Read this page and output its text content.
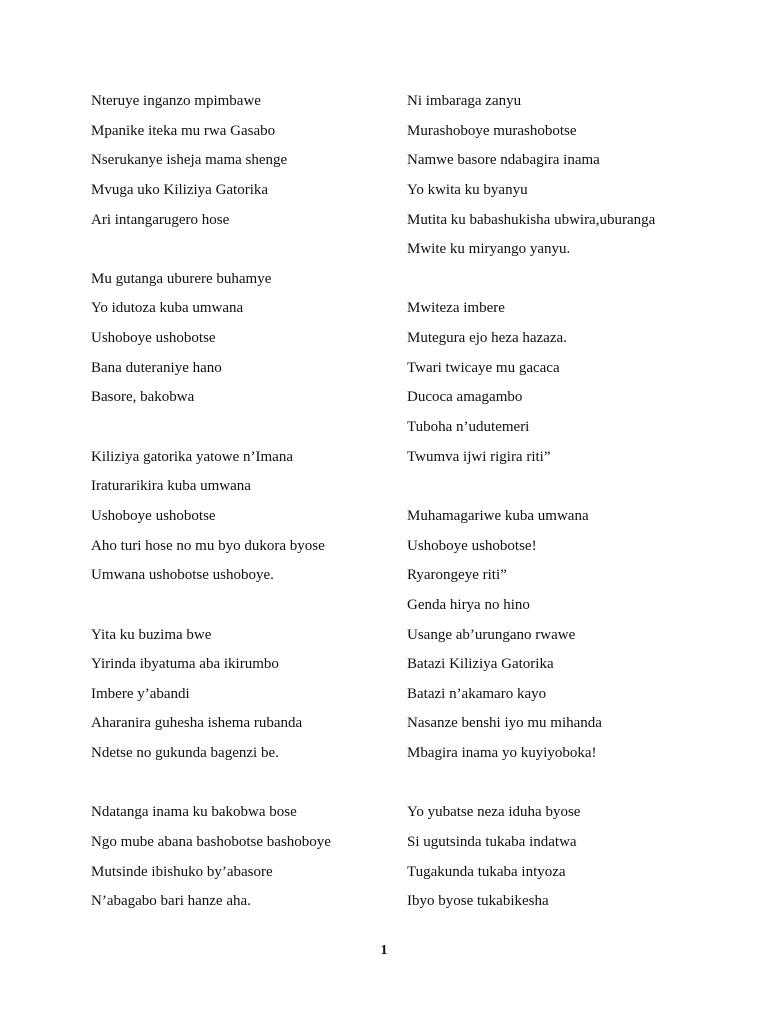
Nteruye inganzo mpimbawe
Mpanike iteka mu rwa Gasabo
Nserukanye isheja mama shenge
Mvuga uko Kiliziya Gatorika
Ari intangarugero hose
Mu gutanga uburere buhamye
Yo idutoza kuba umwana
Ushoboye ushobotse
Bana duteraniye hano
Basore, bakobwa
Kiliziya gatorika yatowe n’Imana
Iraturarikira kuba umwana
Ushoboye ushobotse
Aho turi hose no mu byo dukora byose
Umwana ushobotse ushoboye.
Yita ku buzima bwe
Yirinda ibyatuma aba ikirumbo
Imbere y’abandi
Aharanira guhesha ishema rubanda
Ndetse no gukunda bagenzi be.
Ndatanga inama ku bakobwa bose
Ngo mube abana bashobotse bashoboye
Mutsinde ibishuko by’abasore
N’abagabo bari hanze aha.
Ni imbaraga zanyu
Murashoboye murashobotse
Namwe basore ndabagira inama
Yo kwita ku byanyu
Mutita ku babashukisha ubwira,uburanga
Mwite ku miryango yanyu.
Mwiteza imbere
Mutegura ejo heza hazaza.
Twari twicaye mu gacaca
Ducoca amagambo
Tuboha n’udutemeri
Twumva ijwi rigira riti”
Muhamagariwe kuba umwana
Ushoboye ushobotse!
Ryarongeye riti”
Genda hirya no hino
Usange ab’urungano rwawe
Batazi Kiliziya Gatorika
Batazi n’akamaro kayo
Nasanze benshi iyo mu mihanda
Mbagira inama yo kuyiyoboka!
Yo yubatse neza iduha byose
Si ugutsinda tukaba indatwa
Tugakunda tukaba intyoza
Ibyo byose tukabikesha
1
